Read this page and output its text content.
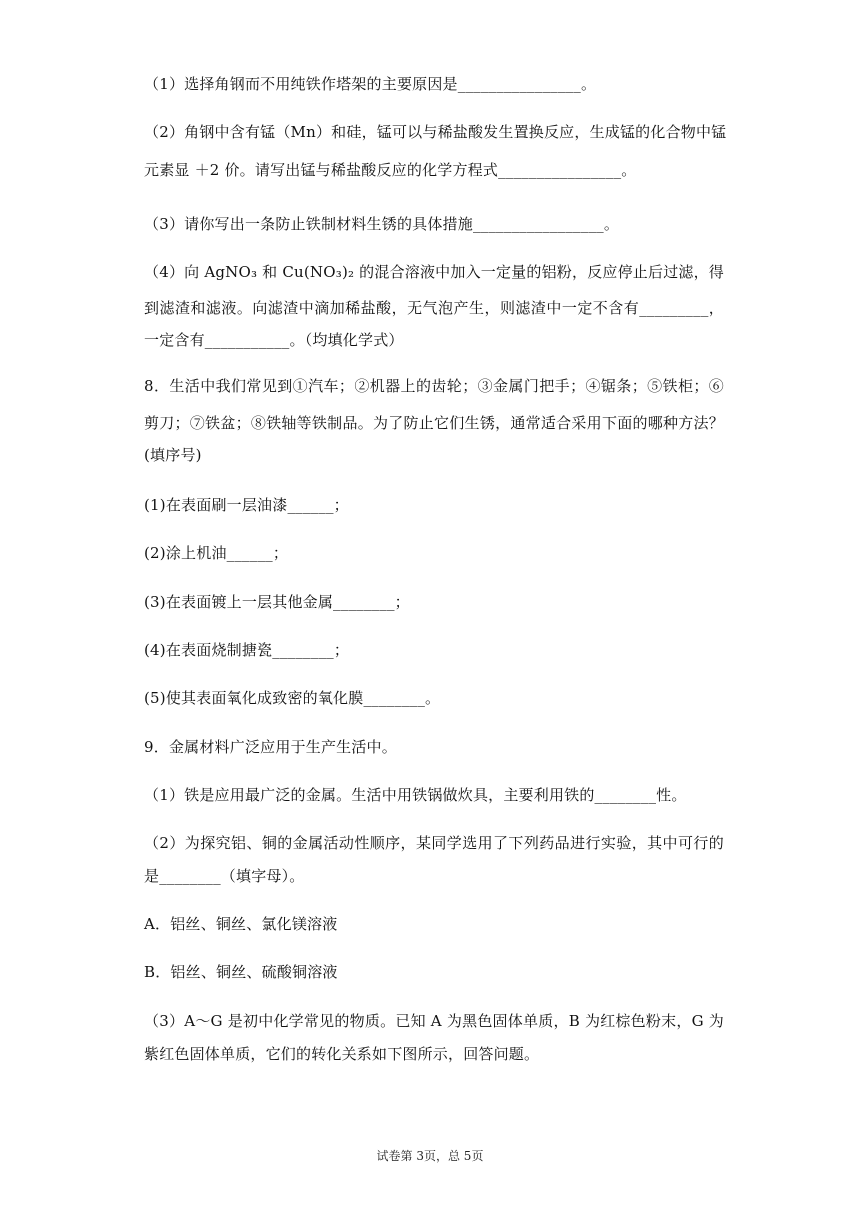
（1）选择角钢而不用纯铁作塔架的主要原因是________________。
（2）角钢中含有锰（Mn）和硅，锰可以与稀盐酸发生置换反应，生成锰的化合物中锰
元素显 ＋2 价。请写出锰与稀盐酸反应的化学方程式________________。
（3）请你写出一条防止铁制材料生锈的具体措施_________________。
（4）向 AgNO₃ 和 Cu(NO₃)₂ 的混合溶液中加入一定量的铝粉，反应停止后过滤，得
到滤渣和滤液。向滤渣中滴加稀盐酸，无气泡产生，则滤渣中一定不含有_________，
一定含有___________。（均填化学式）
8．生活中我们常见到①汽车；②机器上的齿轮；③金属门把手；④锯条；⑤铁柜；⑥
剪刀；⑦铁盆；⑧铁轴等铁制品。为了防止它们生锈，通常适合采用下面的哪种方法？
(填序号)
(1)在表面刷一层油漆______；
(2)涂上机油______；
(3)在表面镀上一层其他金属________；
(4)在表面烧制搪瓷________；
(5)使其表面氧化成致密的氧化膜________。
9．金属材料广泛应用于生产生活中。
（1）铁是应用最广泛的金属。生活中用铁锅做炊具，主要利用铁的________性。
（2）为探究铝、铜的金属活动性顺序，某同学选用了下列药品进行实验，其中可行的
是________（填字母）。
A．铝丝、铜丝、氯化镁溶液
B．铝丝、铜丝、硫酸铜溶液
（3）A～G 是初中化学常见的物质。已知 A 为黑色固体单质，B 为红棕色粉末，G 为
紫红色固体单质，它们的转化关系如下图所示，回答问题。
试卷第 3页，总 5页
